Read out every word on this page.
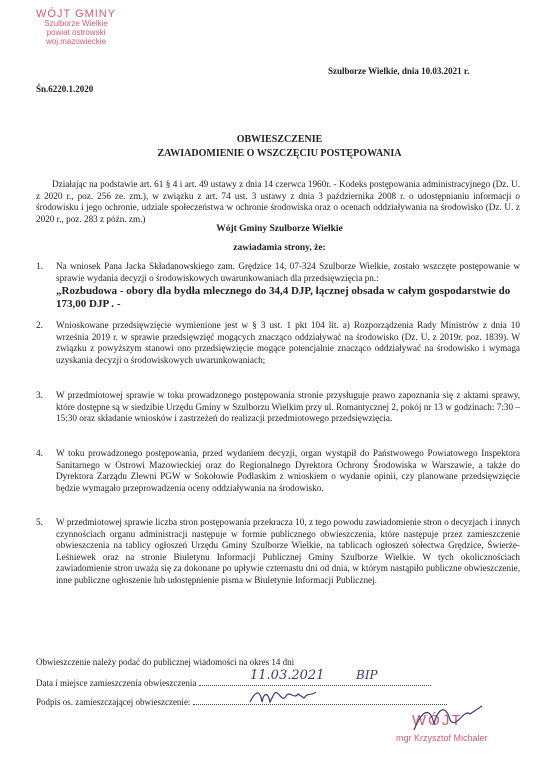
WÓJT GMINY
Szulborze Wielkie
powiat ostrowski
woj.mazowieckie
Szulborze Wielkie, dnia 10.03.2021 r.
Śn.6220.1.2020
OBWIESZCZENIE
ZAWIADOMIENIE O WSZCZĘCIU POSTĘPOWANIA
Działając na podstawie art. 61 § 4 i art. 49 ustawy z dnia 14 czerwca 1960r. - Kodeks postępowania administracyjnego (Dz. U. z 2020 r., poz. 256 ze. zm.), w związku z art. 74 ust. 3 ustawy z dnia 3 października 2008 r. o udostępnianiu informacji o środowisku i jego ochronie, udziale społeczeństwa w ochronie środowiska oraz o ocenach oddziaływania na środowisko (Dz. U. z 2020 r., poz. 283 z późn. zm.)
Wójt Gminy Szulborze Wielkie
zawiadamia strony, że:
1. Na wniosek Pana Jacka Składanowskiego zam. Grędzice 14, 07-324 Szulborze Wielkie, zostało wszczęte postępowanie w sprawie wydania decyzji o środowiskowych uwarunkowaniach dla przedsięwzięcia pn.:
„Rozbudowa - obory dla bydła mlecznego do 34,4 DJP, łącznej obsada w całym gospodarstwie do 173,00 DJP . -
2. Wnioskowane przedsięwzięcie wymienione jest w § 3 ust. 1 pkt 104 lit. a) Rozporządzenia Rady Ministrów z dnia 10 września 2019 r. w sprawie przedsięwzięć mogących znacząco oddziaływać na środowisko (Dz. U. z 2019r. poz. 1839). W związku z powyższym stanowi ono przedsięwzięcie mogące potencjalnie znacząco oddziaływać na środowisko i wymaga uzyskania decyzji o środowiskowych uwarunkowaniach;
3. W przedmiotowej sprawie w toku prowadzonego postępowania stronie przysługuje prawo zapoznania się z aktami sprawy, które dostępne są w siedzibie Urzędu Gminy w Szulborzu Wielkim przy ul. Romantycznej 2, pokój nr 13 w godzinach: 7:30 – 15:30 oraz składanie wniosków i zastrzeżeń do realizacji przedmiotowego przedsięwzięcia.
4. W toku prowadzonego postępowania, przed wydaniem decyzji, organ wystąpił do Państwowego Powiatowego Inspektora Sanitarnego w Ostrowi Mazowieckiej oraz do Regionalnego Dyrektora Ochrony Środowiska w Warszawie, a także do Dyrektora Zarządu Zlewni PGW w Sokołowie Podlaskim z wnioskiem o wydanie opinii, czy planowane przedsięwzięcie będzie wymagało przeprowadzenia oceny oddziaływania na środowisko.
5. W przedmiotowej sprawie liczba stron postępowania przekracza 10, z tego powodu zawiadomienie stron o decyzjach i innych czynnościach organu administracji następuje w formie publicznego obwieszczenia, które następuje przez zamieszczenie obwieszczenia na tablicy ogłoszeń Urzędu Gminy Szulborze Wielkie, na tablicach ogłoszeń sołectwa Grędzice, Świerże-Leśniewek oraz na stronie Biuletynu Informacji Publicznej Gminy Szulborze Wielkie. W tych okolicznościach zawiadomienie stron uważa się za dokonane po upływie czternastu dni od dnia, w którym nastąpiło publiczne obwieszczenie, inne publiczne ogłoszenie lub udostępnienie pisma w Biuletynie Informacji Publicznej.
Obwieszczenie należy podać do publicznej wiadomości na okres 14 dni
Data i miejsce zamieszczenia obwieszczenia
Podpis os. zamieszczającej obwieszczenie:
11.03.2021	BIP
WÓJT
mgr Krzysztof Michaler
